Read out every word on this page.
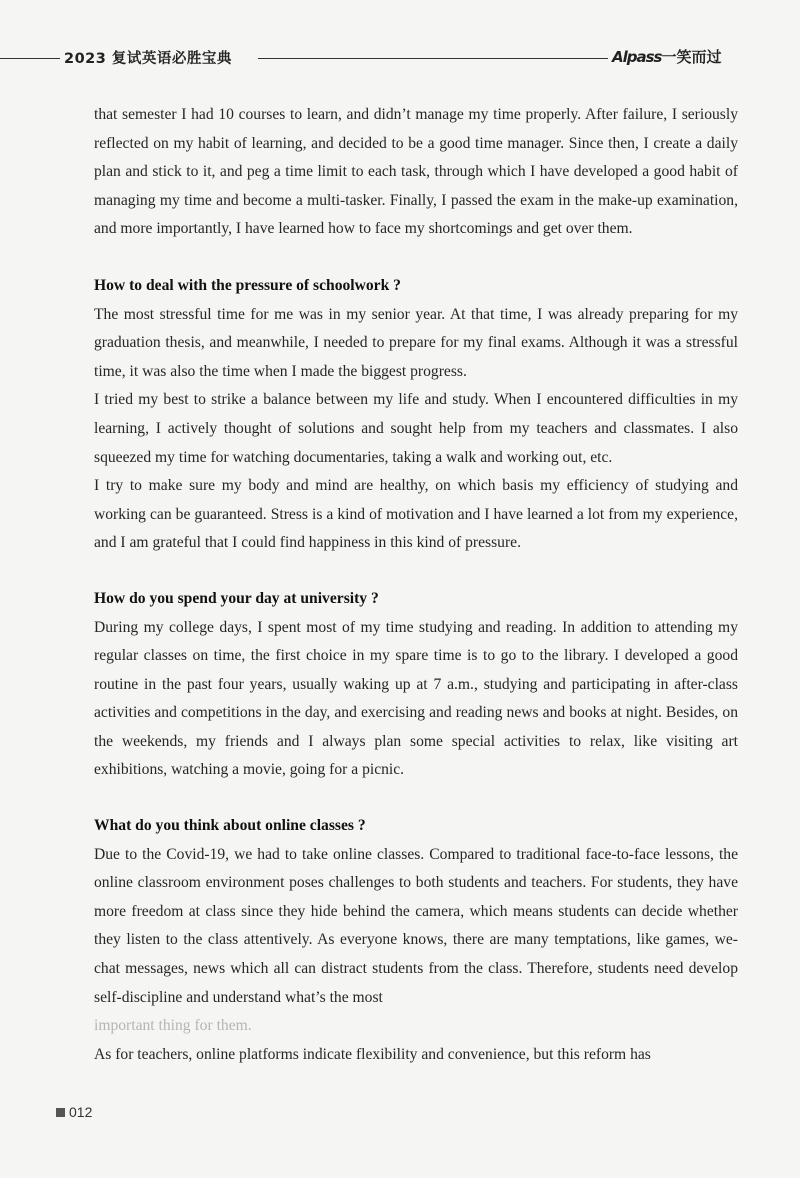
2023 复试英语必胜宝典	Alpass一笑而过

that semester I had 10 courses to learn, and didn’t manage my time properly. After failure, I seriously reflected on my habit of learning, and decided to be a good time manager. Since then, I create a daily plan and stick to it, and peg a time limit to each task, through which I have developed a good habit of managing my time and become a multi-tasker. Finally, I passed the exam in the make-up examination, and more importantly, I have learned how to face my shortcomings and get over them.

How to deal with the pressure of schoolwork ?

The most stressful time for me was in my senior year. At that time, I was already preparing for my graduation thesis, and meanwhile, I needed to prepare for my final exams. Although it was a stressful time, it was also the time when I made the biggest progress.

I tried my best to strike a balance between my life and study. When I encountered difficulties in my learning, I actively thought of solutions and sought help from my teachers and classmates. I also squeezed my time for watching documentaries, taking a walk and working out, etc.

I try to make sure my body and mind are healthy, on which basis my efficiency of studying and working can be guaranteed. Stress is a kind of motivation and I have learned a lot from my experience, and I am grateful that I could find happiness in this kind of pressure.

How do you spend your day at university ?

During my college days, I spent most of my time studying and reading. In addition to attending my regular classes on time, the first choice in my spare time is to go to the library. I developed a good routine in the past four years, usually waking up at 7 a.m., studying and participating in after-class activities and competitions in the day, and exercising and reading news and books at night. Besides, on the weekends, my friends and I always plan some special activities to relax, like visiting art exhibitions, watching a movie, going for a picnic.

What do you think about online classes ?

Due to the Covid-19, we had to take online classes. Compared to traditional face-to-face lessons, the online classroom environment poses challenges to both students and teachers. For students, they have more freedom at class since they hide behind the camera, which means students can decide whether they listen to the class attentively. As everyone knows, there are many temptations, like games, we-chat messages, news which all can distract students from the class. Therefore, students need develop self-discipline and understand what’s the most

important thing for them.

As for teachers, online platforms indicate flexibility and convenience, but this reform has

012
